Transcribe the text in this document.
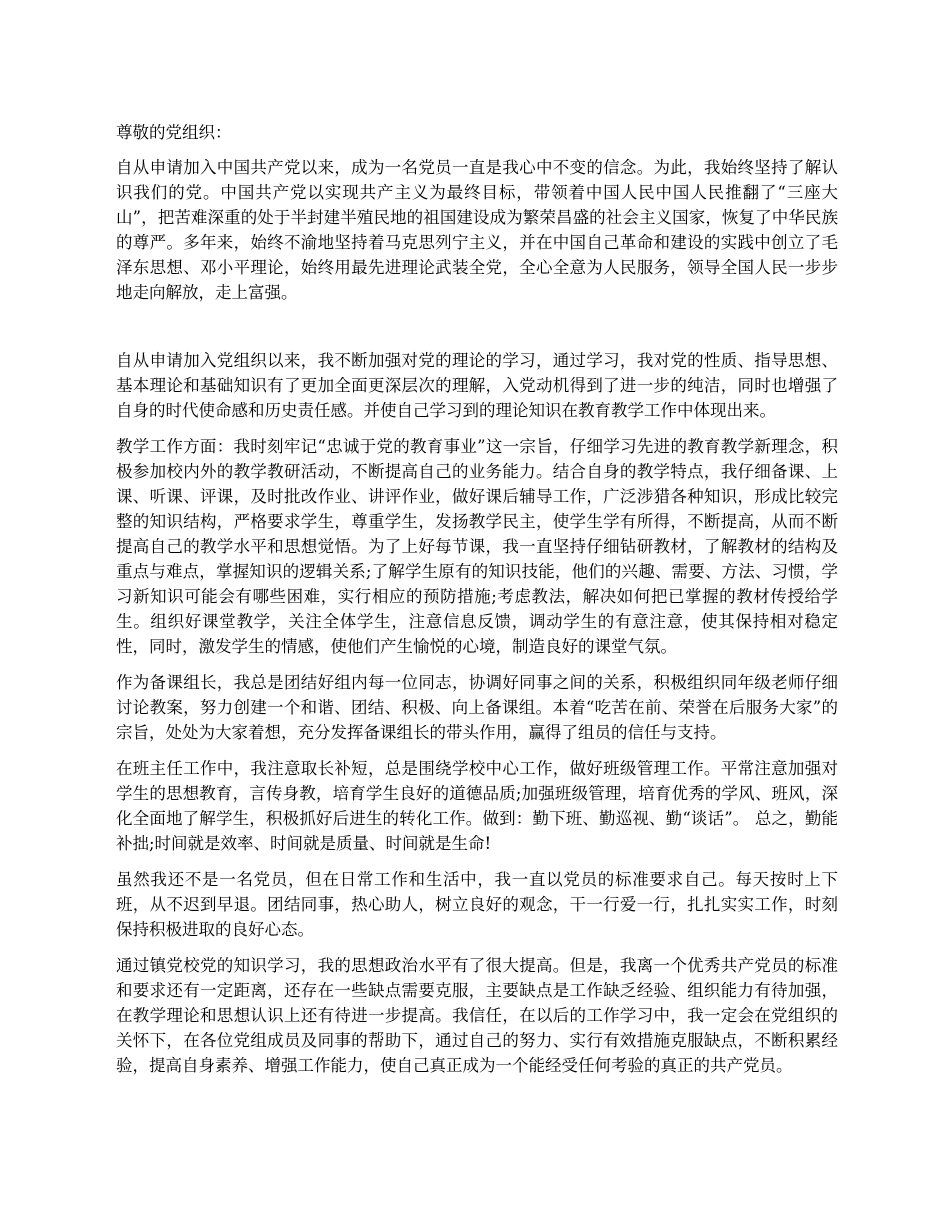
尊敬的党组织：

自从申请加入中国共产党以来，成为一名党员一直是我心中不变的信念。为此，我始终坚持了解认识我们的党。中国共产党以实现共产主义为最终目标，带领着中国人民中国人民推翻了“三座大山”，把苦难深重的处于半封建半殖民地的祖国建设成为繁荣昌盛的社会主义国家，恢复了中华民族的尊严。多年来，始终不渝地坚持着马克思列宁主义，并在中国自己革命和建设的实践中创立了毛泽东思想、邓小平理论，始终用最先进理论武装全党，全心全意为人民服务，领导全国人民一步步地走向解放，走上富强。

自从申请加入党组织以来，我不断加强对党的理论的学习，通过学习，我对党的性质、指导思想、基本理论和基础知识有了更加全面更深层次的理解，入党动机得到了进一步的纯洁，同时也增强了自身的时代使命感和历史责任感。并使自己学习到的理论知识在教育教学工作中体现出来。

教学工作方面：我时刻牢记“忠诚于党的教育事业”这一宗旨，仔细学习先进的教育教学新理念，积极参加校内外的教学教研活动，不断提高自己的业务能力。结合自身的教学特点，我仔细备课、上课、听课、评课，及时批改作业、讲评作业，做好课后辅导工作，广泛涉猎各种知识，形成比较完整的知识结构，严格要求学生，尊重学生，发扬教学民主，使学生学有所得，不断提高，从而不断提高自己的教学水平和思想觉悟。为了上好每节课，我一直坚持仔细钻研教材，了解教材的结构及重点与难点，掌握知识的逻辑关系;了解学生原有的知识技能，他们的兴趣、需要、方法、习惯，学习新知识可能会有哪些困难，实行相应的预防措施;考虑教法，解决如何把已掌握的教材传授给学生。组织好课堂教学，关注全体学生，注意信息反馈，调动学生的有意注意，使其保持相对稳定性，同时，激发学生的情感，使他们产生愉悦的心境，制造良好的课堂气氛。

作为备课组长，我总是团结好组内每一位同志，协调好同事之间的关系，积极组织同年级老师仔细讨论教案，努力创建一个和谐、团结、积极、向上备课组。本着“吃苦在前、荣誉在后服务大家”的宗旨，处处为大家着想，充分发挥备课组长的带头作用，赢得了组员的信任与支持。

在班主任工作中，我注意取长补短，总是围绕学校中心工作，做好班级管理工作。平常注意加强对学生的思想教育，言传身教，培育学生良好的道德品质;加强班级管理，培育优秀的学风、班风，深化全面地了解学生，积极抓好后进生的转化工作。做到：勤下班、勤巡视、勤“谈话”。 总之，勤能补拙;时间就是效率、时间就是质量、时间就是生命!

虽然我还不是一名党员，但在日常工作和生活中，我一直以党员的标准要求自己。每天按时上下班，从不迟到早退。团结同事，热心助人，树立良好的观念，干一行爱一行，扎扎实实工作，时刻保持积极进取的良好心态。

通过镇党校党的知识学习，我的思想政治水平有了很大提高。但是，我离一个优秀共产党员的标准和要求还有一定距离，还存在一些缺点需要克服，主要缺点是工作缺乏经验、组织能力有待加强，在教学理论和思想认识上还有待进一步提高。我信任，在以后的工作学习中，我一定会在党组织的关怀下，在各位党组成员及同事的帮助下，通过自己的努力、实行有效措施克服缺点，不断积累经验，提高自身素养、增强工作能力，使自己真正成为一个能经受任何考验的真正的共产党员。
